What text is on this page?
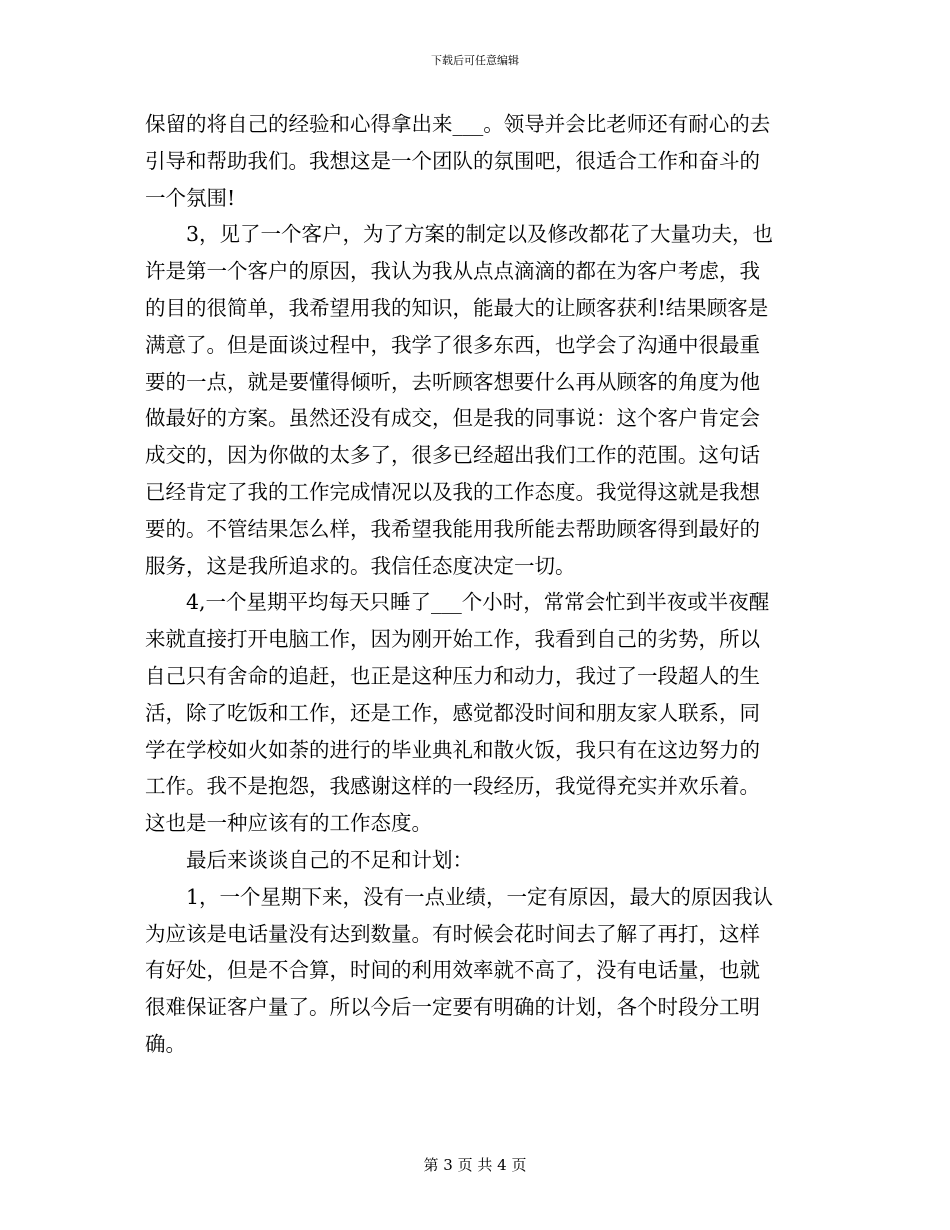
下载后可任意编辑
保留的将自己的经验和心得拿出来___。领导并会比老师还有耐心的去
引导和帮助我们。我想这是一个团队的氛围吧，很适合工作和奋斗的
一个氛围!
3，见了一个客户，为了方案的制定以及修改都花了大量功夫，也
许是第一个客户的原因，我认为我从点点滴滴的都在为客户考虑，我
的目的很简单，我希望用我的知识，能最大的让顾客获利!结果顾客是
满意了。但是面谈过程中，我学了很多东西，也学会了沟通中很最重
要的一点，就是要懂得倾听，去听顾客想要什么再从顾客的角度为他
做最好的方案。虽然还没有成交，但是我的同事说：这个客户肯定会
成交的，因为你做的太多了，很多已经超出我们工作的范围。这句话
已经肯定了我的工作完成情况以及我的工作态度。我觉得这就是我想
要的。不管结果怎么样，我希望我能用我所能去帮助顾客得到最好的
服务，这是我所追求的。我信任态度决定一切。
4,一个星期平均每天只睡了___个小时，常常会忙到半夜或半夜醒
来就直接打开电脑工作，因为刚开始工作，我看到自己的劣势，所以
自己只有舍命的追赶，也正是这种压力和动力，我过了一段超人的生
活，除了吃饭和工作，还是工作，感觉都没时间和朋友家人联系，同
学在学校如火如荼的进行的毕业典礼和散火饭，我只有在这边努力的
工作。我不是抱怨，我感谢这样的一段经历，我觉得充实并欢乐着。
这也是一种应该有的工作态度。
最后来谈谈自己的不足和计划：
1，一个星期下来，没有一点业绩，一定有原因，最大的原因我认
为应该是电话量没有达到数量。有时候会花时间去了解了再打，这样
有好处，但是不合算，时间的利用效率就不高了，没有电话量，也就
很难保证客户量了。所以今后一定要有明确的计划，各个时段分工明
确。
第 3 页 共 4 页
